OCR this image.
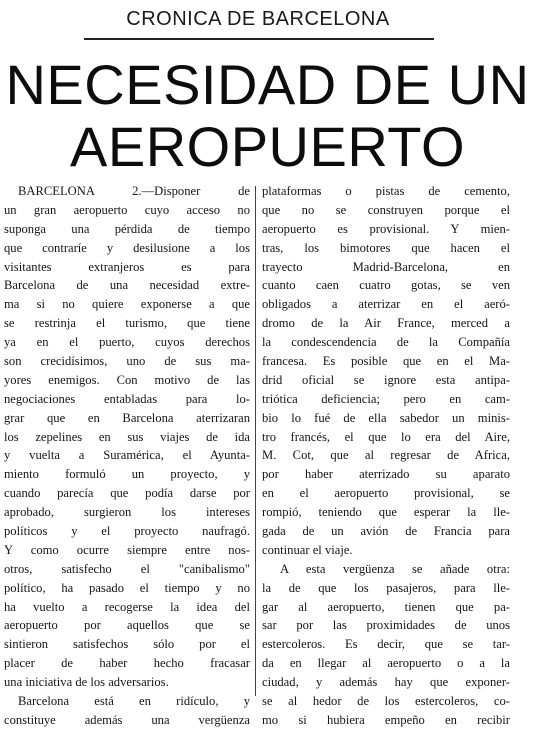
CRONICA DE BARCELONA
NECESIDAD DE UN
AEROPUERTO
BARCELONA 2.—Disponer de
un gran aeropuerto cuyo acceso no
suponga una pérdida de tiempo
que contraríe y desilusione a los
visitantes extranjeros es para
Barcelona de una necesidad extre-
ma si no quiere exponerse a que
se restrinja el turismo, que tiene
ya en el puerto, cuyos derechos
son crecidísimos, uno de sus ma-
yores enemigos. Con motivo de las
negociaciones entabladas para lo-
grar que en Barcelona aterrizaran
los zepelines en sus viajes de ida
y vuelta a Suramérica, el Ayunta-
miento formuló un proyecto, y
cuando parecía que podía darse por
aprobado, surgieron los intereses
políticos y el proyecto naufragó.
Y como ocurre siempre entre nos-
otros, satisfecho el "canibalismo"
político, ha pasado el tiempo y no
ha vuelto a recogerse la idea del
aeropuerto por aquellos que se
sintieron satisfechos sólo por el
placer de haber hecho fracasar
una iniciativa de los adversarios.
Barcelona está en ridículo, y
constituye además una vergüenza
plataformas o pistas de cemento,
que no se construyen porque el
aeropuerto es provisional. Y mien-
tras, los bimotores que hacen el
trayecto Madrid-Barcelona, en
cuanto caen cuatro gotas, se ven
obligados a aterrizar en el aeró-
dromo de la Air France, merced a
la condescendencia de la Compañía
francesa. Es posible que en el Ma-
drid oficial se ignore esta antipa-
triótica deficiencia; pero en cam-
bio lo fué de ella sabedor un minis-
tro francés, el que lo era del Aire,
M. Cot, que al regresar de Africa,
por haber aterrizado su aparato
en el aeropuerto provisional, se
rompió, teniendo que esperar la lle-
gada de un avión de Francia para
continuar el viaje.
A esta vergüenza se añade otra:
la de que los pasajeros, para lle-
gar al aeropuerto, tienen que pa-
sar por las proximidades de unos
estercoleros. Es decir, que se tar-
da en llegar al aeropuerto o a la
ciudad, y además hay que exponer-
se al hedor de los estercoleros, co-
mo si hubiera empeño en recibir
